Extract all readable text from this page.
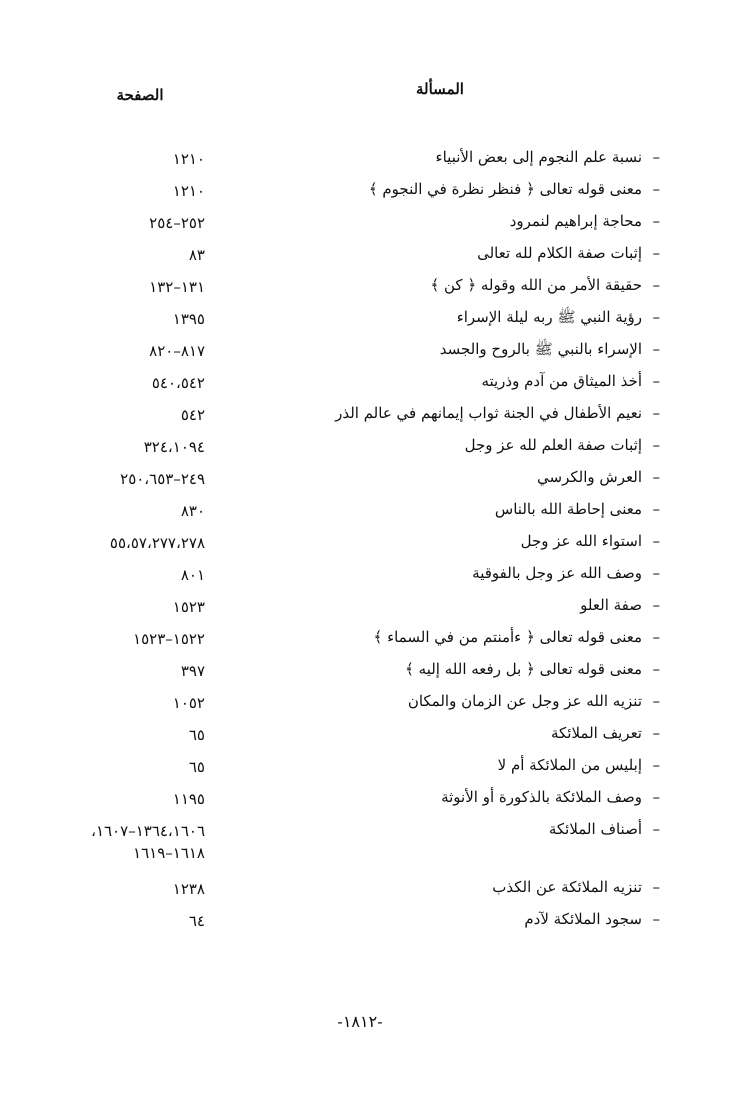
المسألة
الصفحة
–
نسبة علم النجوم إلى بعض الأنبياء
١٢١٠
–
معنى قوله تعالى ﴿ فنظر نظرة في النجوم ﴾
١٢١٠
–
محاجة إبراهيم لنمرود
٢٥٢–٢٥٤
–
إثبات صفة الكلام لله تعالى
٨٣
–
حقيقة الأمر من الله وقوله ﴿ كن ﴾
١٣١–١٣٢
–
رؤية النبي ﷺ ربه ليلة الإسراء
١٣٩٥
–
الإسراء بالنبي ﷺ بالروح والجسد
٨١٧–٨٢٠
–
أخذ الميثاق من آدم وذريته
٥٤٠،٥٤٢
–
نعيم الأطفال في الجنة ثواب إيمانهم في عالم الذر
٥٤٢
–
إثبات صفة العلم لله عز وجل
٣٢٤،١٠٩٤
–
العرش والكرسي
٢٤٩–٢٥٠،٦٥٣
–
معنى إحاطة الله بالناس
٨٣٠
–
استواء الله عز وجل
٥٥،٥٧،٢٧٧،٢٧٨
–
وصف الله عز وجل بالفوقية
٨٠١
–
صفة العلو
١٥٢٣
–
معنى قوله تعالى ﴿ ءأمنتم من في السماء ﴾
١٥٢٢–١٥٢٣
–
معنى قوله تعالى ﴿ بل رفعه الله إليه ﴾
٣٩٧
–
تنزيه الله عز وجل عن الزمان والمكان
١٠٥٢
–
تعريف الملائكة
٦٥
–
إبليس من الملائكة أم لا
٦٥
–
وصف الملائكة بالذكورة أو الأنوثة
١١٩٥
–
أصناف الملائكة
١٣٦٤،١٦٠٦–١٦٠٧،
١٦١٨–١٦١٩
–
تنزيه الملائكة عن الكذب
١٢٣٨
–
سجود الملائكة لآدم
٦٤
-١٨١٢-
